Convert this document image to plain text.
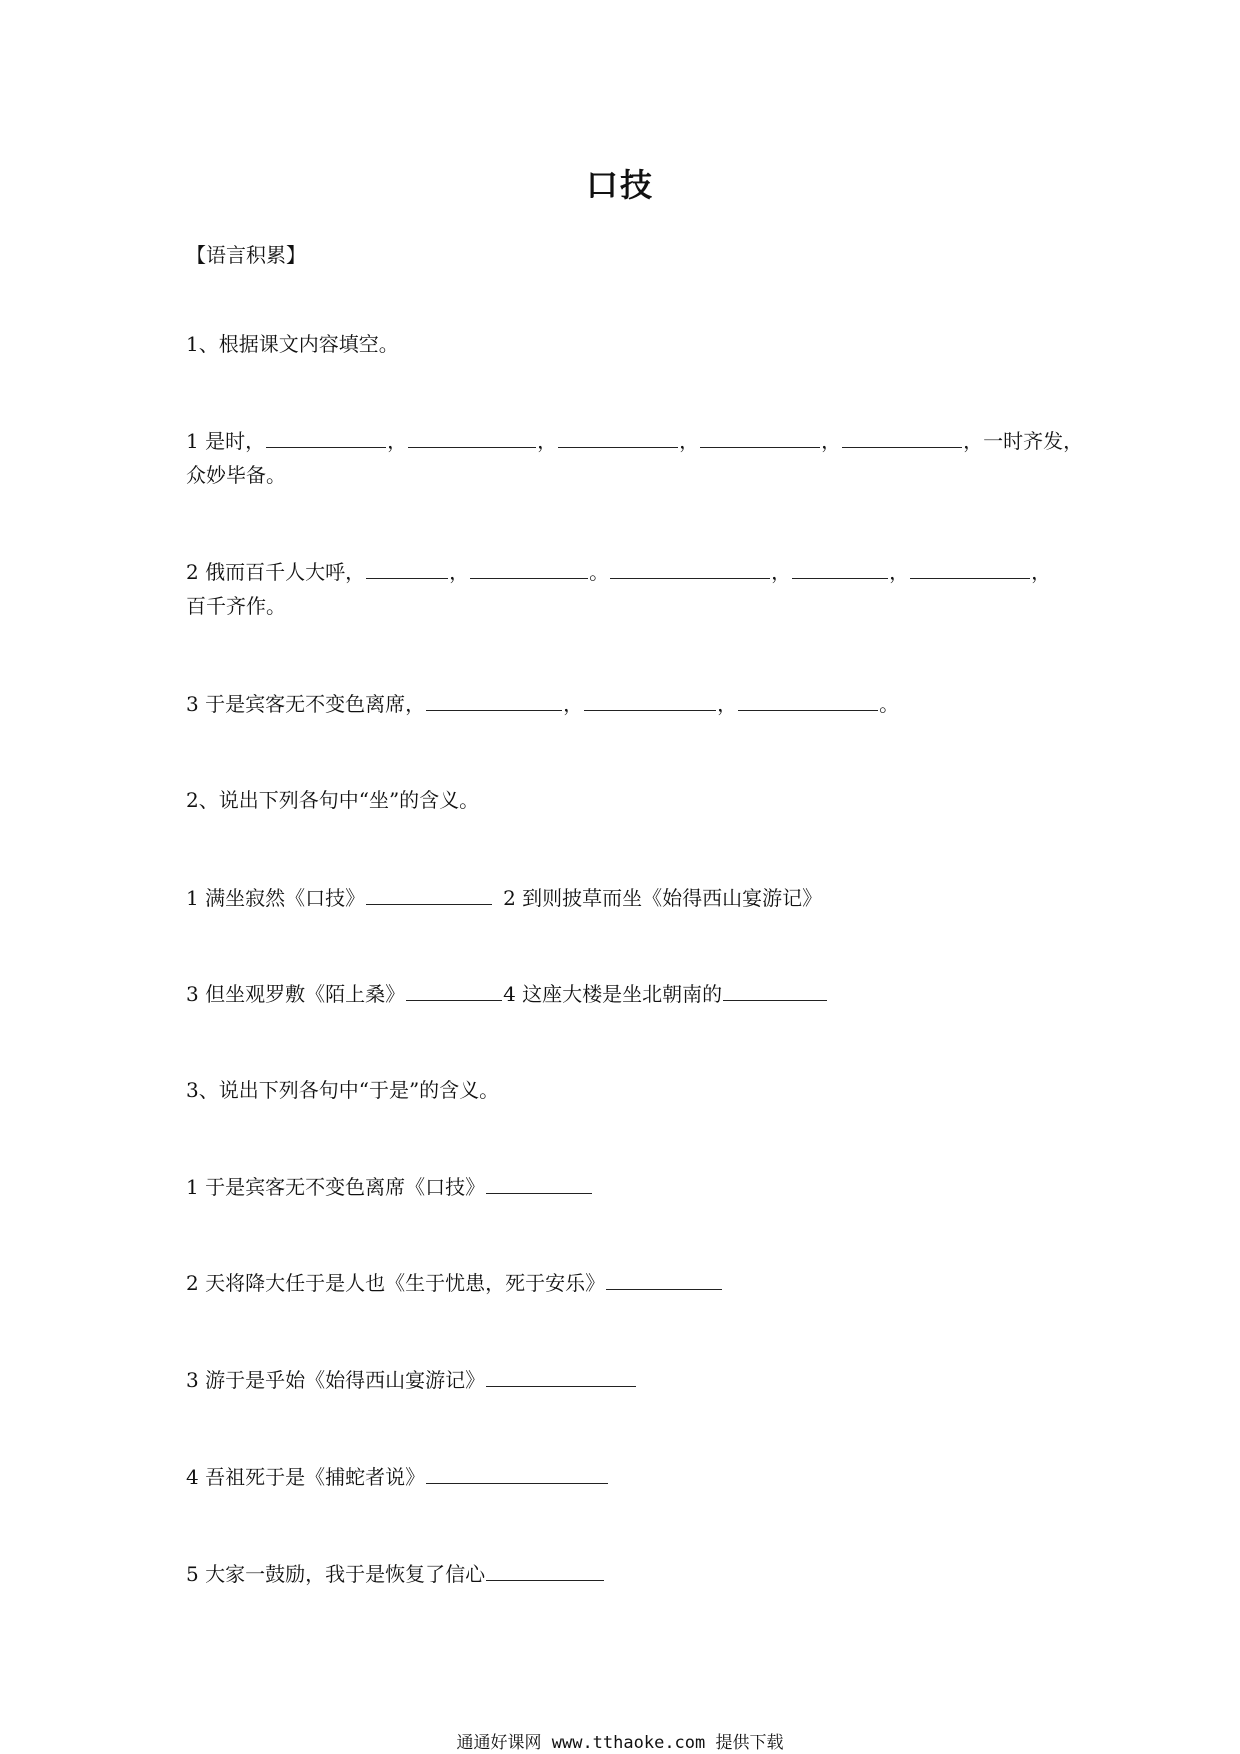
口技
【语言积累】
1、根据课文内容填空。
1 是时，	，	，	，	，	，一时齐发，
众妙毕备。
2 俄而百千人大呼，	，	。	，	，	，
百千齐作。
3 于是宾客无不变色离席，	，	，	。
2、说出下列各句中“坐”的含义。
1 满坐寂然《口技》	2 到则披草而坐《始得西山宴游记》
3 但坐观罗敷《陌上桑》	4 这座大楼是坐北朝南的
3、说出下列各句中“于是”的含义。
1 于是宾客无不变色离席《口技》
2 天将降大任于是人也《生于忧患，死于安乐》
3 游于是乎始《始得西山宴游记》
4 吾祖死于是《捕蛇者说》
5 大家一鼓励，我于是恢复了信心
通通好课网 www.tthaoke.com 提供下载
